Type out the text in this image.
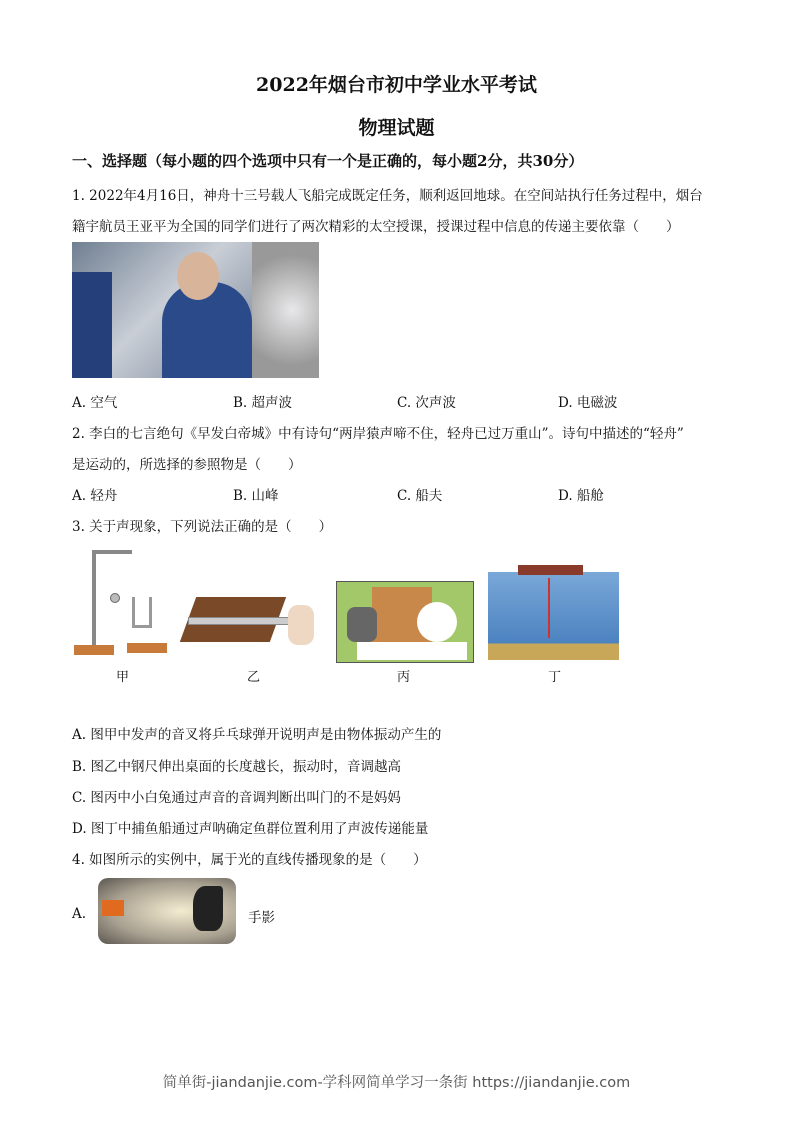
2022年烟台市初中学业水平考试
物理试题
一、选择题（每小题的四个选项中只有一个是正确的，每小题2分，共30分）
1. 2022年4月16日，神舟十三号载人飞船完成既定任务，顺利返回地球。在空间站执行任务过程中，烟台
籍宇航员王亚平为全国的同学们进行了两次精彩的太空授课，授课过程中信息的传递主要依靠（　　）
A. 空气	B. 超声波	C. 次声波	D. 电磁波
2. 李白的七言绝句《早发白帝城》中有诗句“两岸猿声啼不住，轻舟已过万重山”。诗句中描述的“轻舟”
是运动的，所选择的参照物是（　　）
A. 轻舟	B. 山峰	C. 船夫	D. 船舱
3. 关于声现象，下列说法正确的是（　　）
甲	乙	丙	丁
A. 图甲中发声的音叉将乒乓球弹开说明声是由物体振动产生的
B. 图乙中钢尺伸出桌面的长度越长，振动时，音调越高
C. 图丙中小白兔通过声音的音调判断出叫门的不是妈妈
D. 图丁中捕鱼船通过声呐确定鱼群位置利用了声波传递能量
4. 如图所示的实例中，属于光的直线传播现象的是（　　）
A.	手影
简单街-jiandanjie.com-学科网简单学习一条街 https://jiandanjie.com
